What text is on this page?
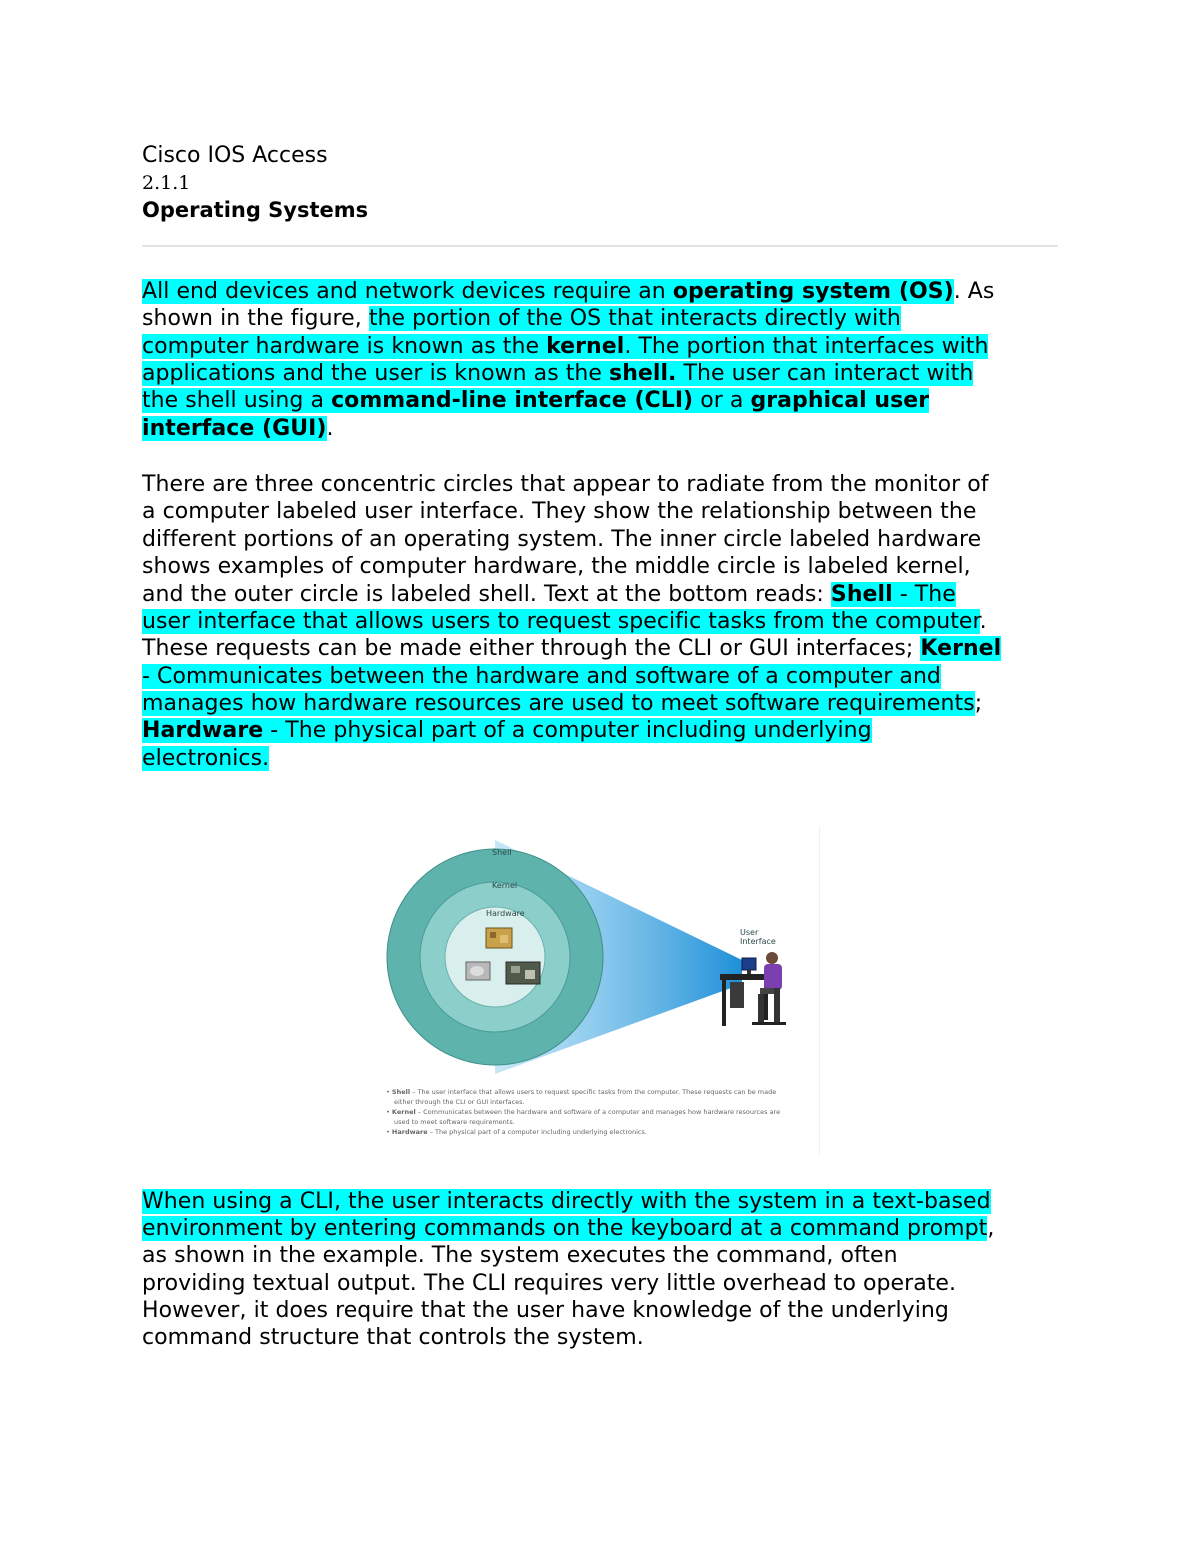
Cisco IOS Access

2.1.1

Operating Systems

All end devices and network devices require an operating system (OS). As
shown in the figure, the portion of the OS that interacts directly with
computer hardware is known as the kernel. The portion that interfaces with
applications and the user is known as the shell. The user can interact with
the shell using a command-line interface (CLI) or a graphical user
interface (GUI).
There are three concentric circles that appear to radiate from the monitor of
a computer labeled user interface. They show the relationship between the
different portions of an operating system. The inner circle labeled hardware
shows examples of computer hardware, the middle circle is labeled kernel,
and the outer circle is labeled shell. Text at the bottom reads: Shell - The
user interface that allows users to request specific tasks from the computer.
These requests can be made either through the CLI or GUI interfaces; Kernel
- Communicates between the hardware and software of a computer and
manages how hardware resources are used to meet software requirements;
Hardware - The physical part of a computer including underlying
electronics.
Shell
Kernel
Hardware
User
Interface
• Shell – The user interface that allows users to request specific tasks from the computer. These requests can be made
either through the CLI or GUI interfaces.
• Kernel – Communicates between the hardware and software of a computer and manages how hardware resources are
used to meet software requirements.
• Hardware – The physical part of a computer including underlying electronics.
When using a CLI, the user interacts directly with the system in a text-based
environment by entering commands on the keyboard at a command prompt,
as shown in the example. The system executes the command, often
providing textual output. The CLI requires very little overhead to operate.
However, it does require that the user have knowledge of the underlying
command structure that controls the system.
